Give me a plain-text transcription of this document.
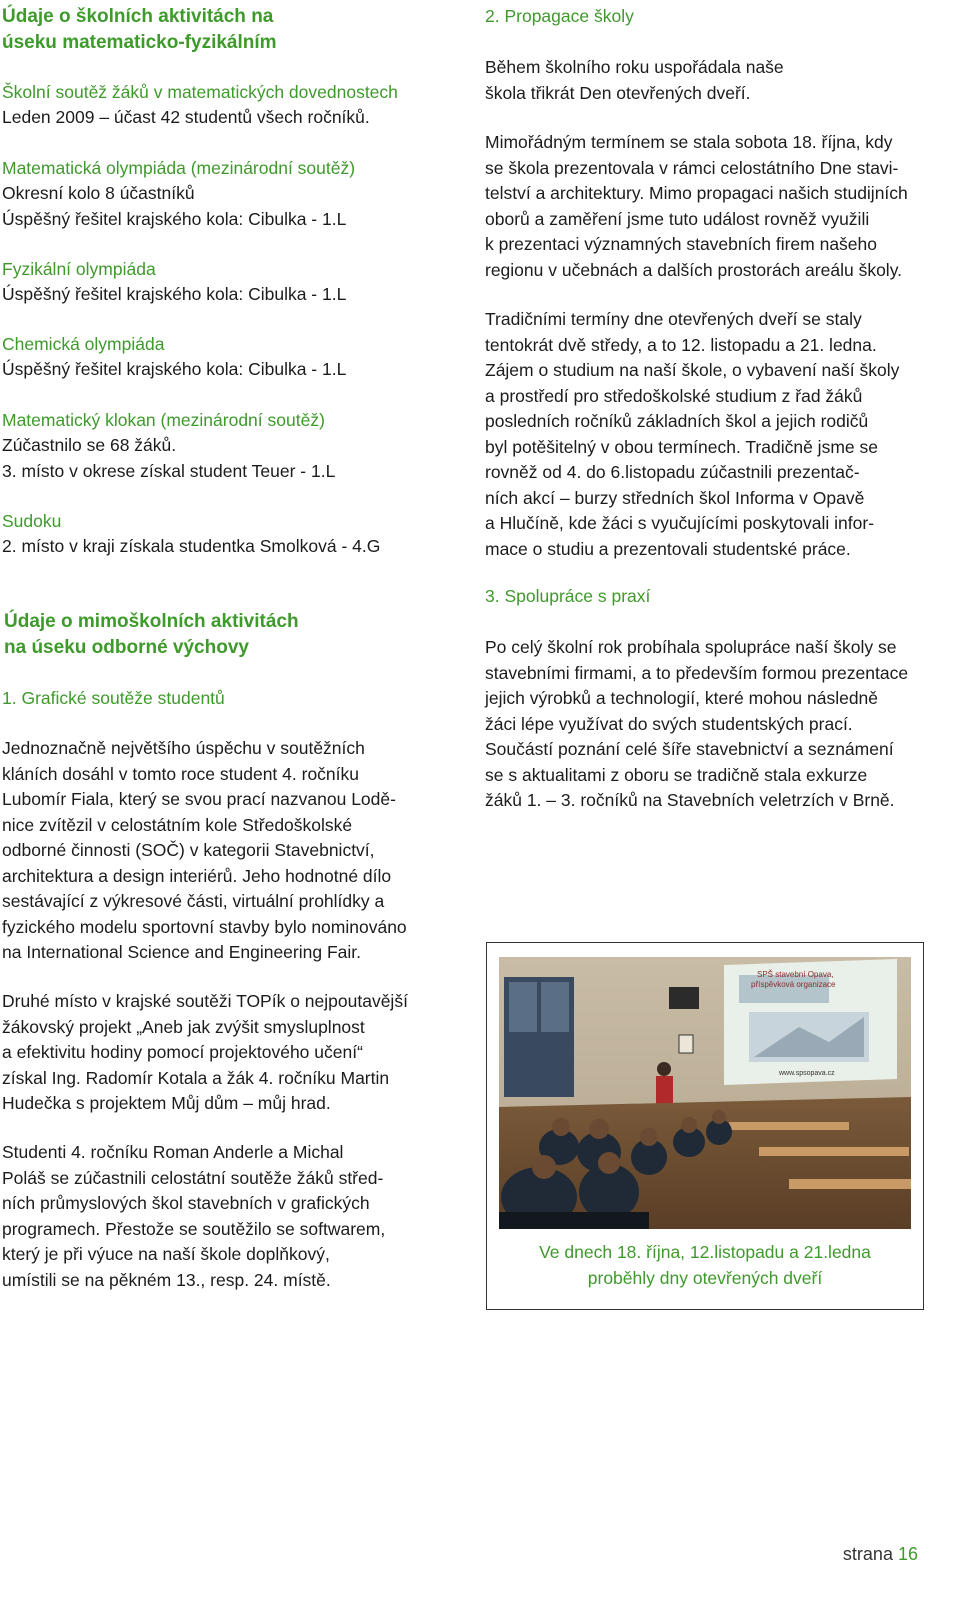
Údaje o školních aktivitách na
úseku matematicko-fyzikálním

Školní soutěž žáků v matematických dovednostech

Leden 2009 – účast 42 studentů všech ročníků.

Matematická olympiáda (mezinárodní soutěž)

Okresní kolo 8 účastníků
Úspěšný řešitel krajského kola: Cibulka - 1.L

Fyzikální olympiáda

Úspěšný řešitel krajského kola: Cibulka - 1.L

Chemická olympiáda

Úspěšný řešitel krajského kola: Cibulka - 1.L

Matematický klokan (mezinárodní soutěž)

Zúčastnilo se 68 žáků.
3. místo v okrese získal student Teuer - 1.L

Sudoku

2. místo v kraji získala studentka Smolková - 4.G

Údaje o mimoškolních aktivitách
na úseku odborné výchovy

1. Grafické soutěže studentů

Jednoznačně největšího úspěchu v soutěžních
kláních dosáhl v tomto roce student 4. ročníku
Lubomír Fiala, který se svou prací nazvanou Lodě-
nice zvítězil v celostátním kole Středoškolské
odborné činnosti (SOČ) v kategorii Stavebnictví,
architektura a design interiérů. Jeho hodnotné dílo
sestávající z výkresové části, virtuální prohlídky a
fyzického modelu sportovní stavby bylo nominováno
na International Science and Engineering Fair.

Druhé místo v krajské soutěži TOPík o nejpoutavější
žákovský projekt „Aneb jak zvýšit smysluplnost
a efektivitu hodiny pomocí projektového učení“
získal Ing. Radomír Kotala a žák 4. ročníku Martin
Hudečka s projektem Můj dům – můj hrad.

Studenti 4. ročníku Roman Anderle a Michal
Poláš se zúčastnili celostátní soutěže žáků střed-
ních průmyslových škol stavebních v grafických
programech. Přestože se soutěžilo se softwarem,
který je při výuce na naší škole doplňkový,
umístili se na pěkném 13., resp. 24. místě.

2. Propagace školy

Během školního roku uspořádala naše
škola třikrát Den otevřených dveří.

Mimořádným termínem se stala sobota 18. října, kdy
se škola prezentovala v rámci celostátního Dne stavi-
telství a architektury. Mimo propagaci našich studijních
oborů a zaměření jsme tuto událost rovněž využili
k prezentaci významných stavebních firem našeho
regionu v učebnách a dalších prostorách areálu školy.

Tradičními termíny dne otevřených dveří se staly
tentokrát dvě středy, a to 12. listopadu a 21. ledna.
Zájem o studium na naší škole, o vybavení naší školy
a prostředí pro středoškolské studium z řad žáků
posledních ročníků základních škol a jejich rodičů
byl potěšitelný v obou termínech. Tradičně jsme se
rovněž od 4. do 6.listopadu zúčastnili prezentač-
ních akcí – burzy středních škol Informa v Opavě
a Hlučíně, kde žáci s vyučujícími poskytovali infor-
mace o studiu a prezentovali studentské práce.

3. Spolupráce s praxí

Po celý školní rok probíhala spolupráce naší školy se
stavebními firmami, a to především formou prezentace
jejich výrobků a technologií, které mohou následně
žáci lépe využívat do svých studentských prací.
Součástí poznání celé šíře stavebnictví a seznámení
se s aktualitami z oboru se tradičně stala exkurze
žáků 1. – 3. ročníků na Stavebních veletrzích v Brně.

SPŠ stavební Opava, příspěvková organizace
www.spsopava.cz
Ve dnech 18. října, 12.listopadu a 21.ledna
proběhly dny otevřených dveří
strana 16
